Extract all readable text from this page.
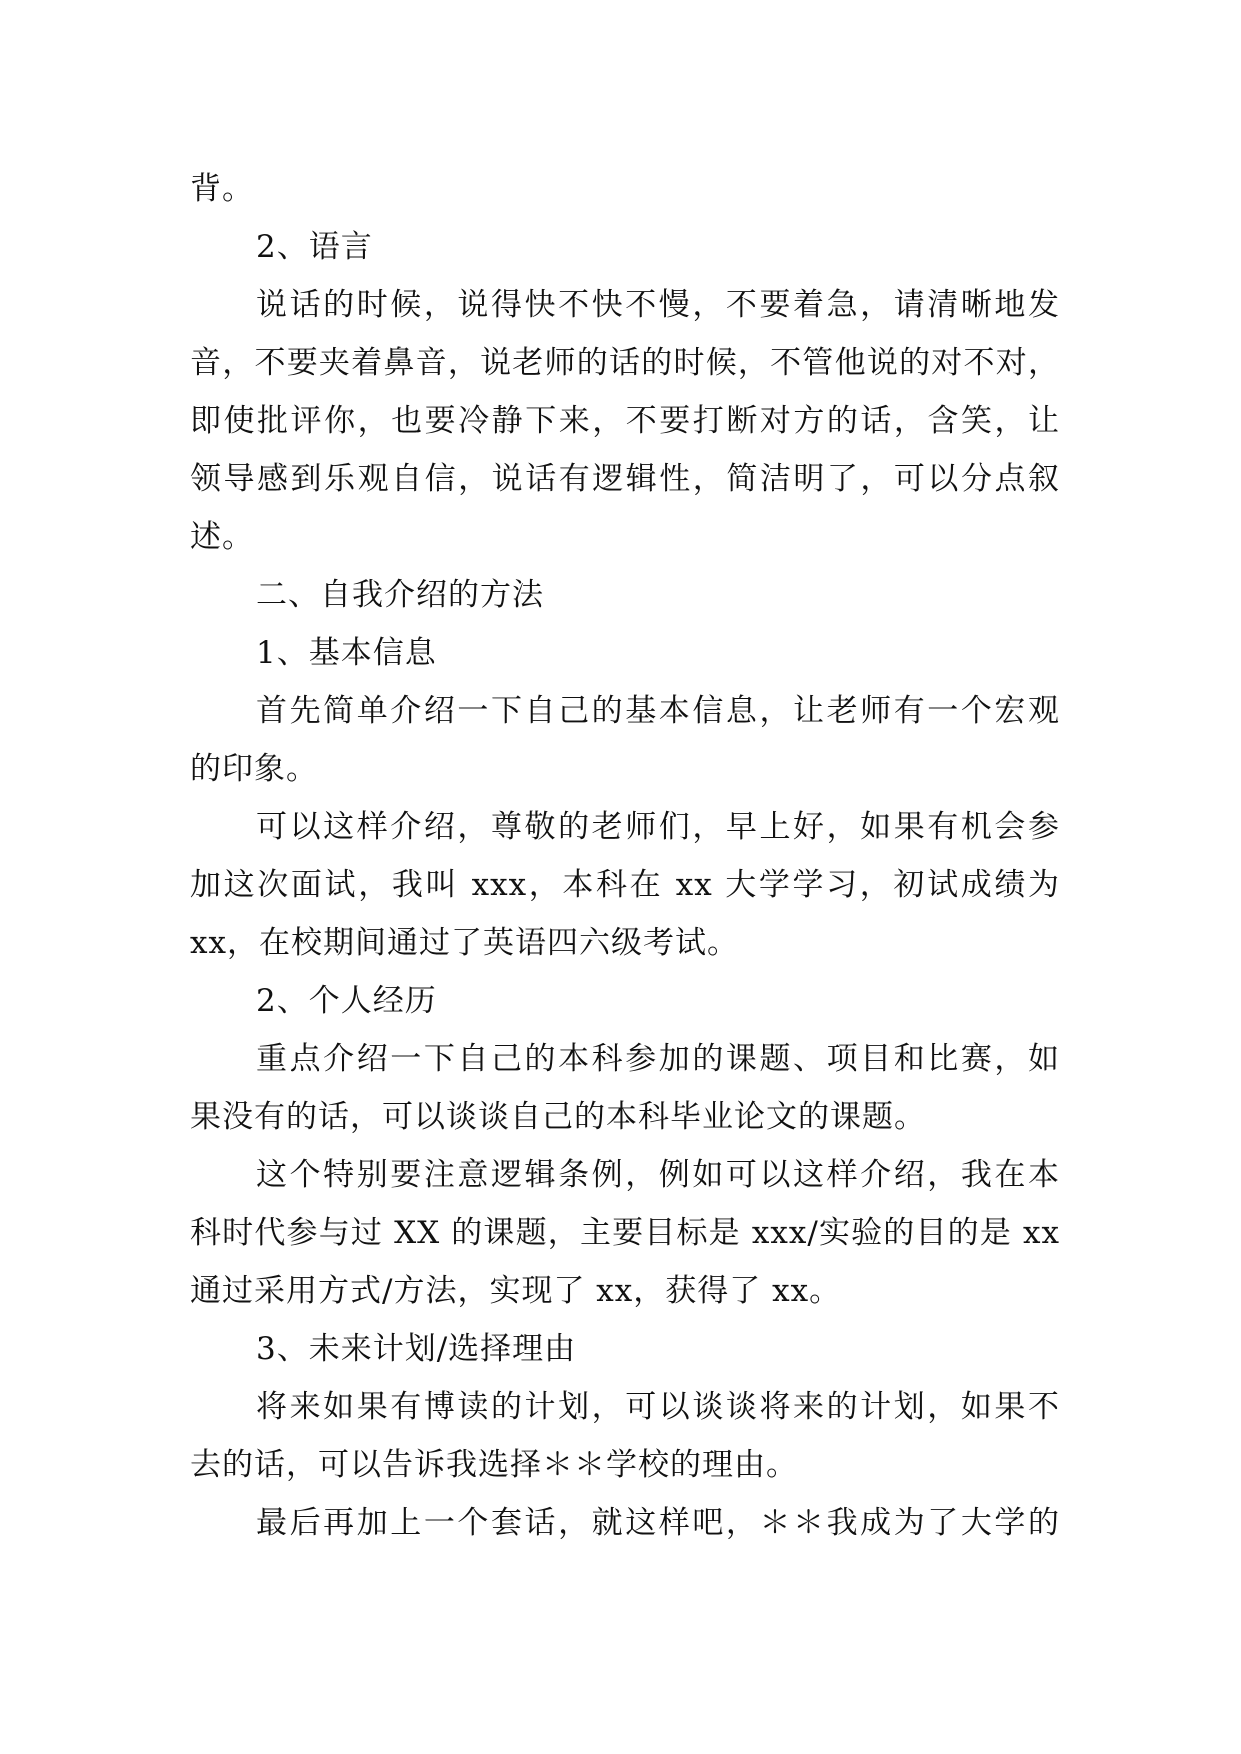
背。
2、语言
说话的时候，说得快不快不慢，不要着急，请清晰地发
音，不要夹着鼻音，说老师的话的时候，不管他说的对不对，
即使批评你，也要冷静下来，不要打断对方的话，含笑，让
领导感到乐观自信，说话有逻辑性，简洁明了，可以分点叙
述。
二、自我介绍的方法
1、基本信息
首先简单介绍一下自己的基本信息，让老师有一个宏观
的印象。
可以这样介绍，尊敬的老师们，早上好，如果有机会参
加这次面试，我叫 xxx，本科在 xx 大学学习，初试成绩为
xx，在校期间通过了英语四六级考试。
2、个人经历
重点介绍一下自己的本科参加的课题、项目和比赛，如
果没有的话，可以谈谈自己的本科毕业论文的课题。
这个特别要注意逻辑条例，例如可以这样介绍，我在本
科时代参与过 XX 的课题，主要目标是 xxx/实验的目的是 xx
通过采用方式/方法，实现了 xx，获得了 xx。
3、未来计划/选择理由
将来如果有博读的计划，可以谈谈将来的计划，如果不
去的话，可以告诉我选择＊＊学校的理由。
最后再加上一个套话，就这样吧，＊＊我成为了大学的
